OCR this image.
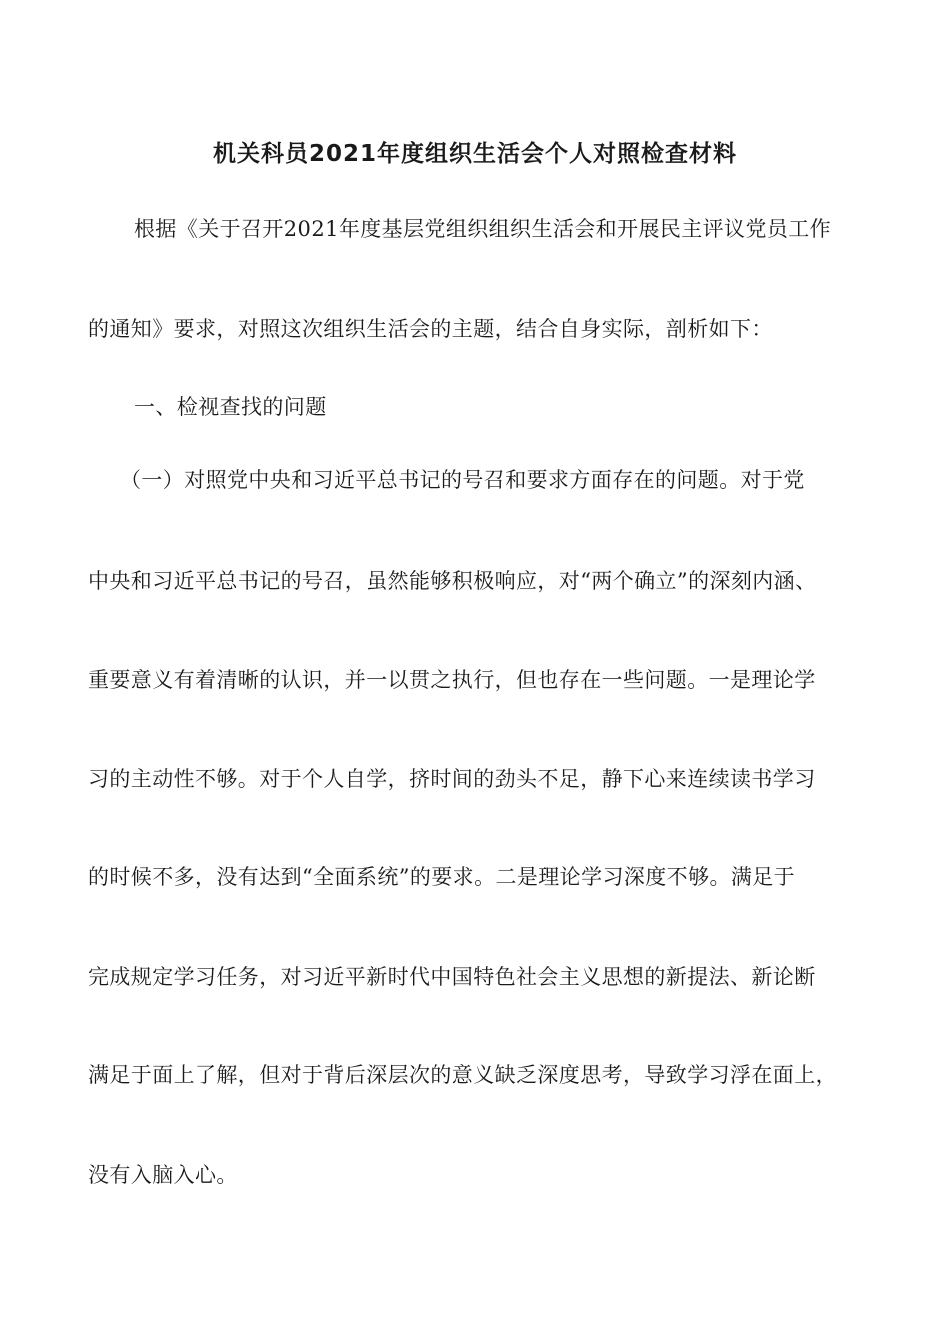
机关科员2021年度组织生活会个人对照检查材料
根据《关于召开2021年度基层党组织组织生活会和开展民主评议党员工作
的通知》要求，对照这次组织生活会的主题，结合自身实际，剖析如下：
一、检视查找的问题
（一）对照党中央和习近平总书记的号召和要求方面存在的问题。对于党
中央和习近平总书记的号召，虽然能够积极响应，对“两个确立”的深刻内涵、
重要意义有着清晰的认识，并一以贯之执行，但也存在一些问题。一是理论学
习的主动性不够。对于个人自学，挤时间的劲头不足，静下心来连续读书学习
的时候不多，没有达到“全面系统”的要求。二是理论学习深度不够。满足于
完成规定学习任务，对习近平新时代中国特色社会主义思想的新提法、新论断
满足于面上了解，但对于背后深层次的意义缺乏深度思考，导致学习浮在面上，
没有入脑入心。
